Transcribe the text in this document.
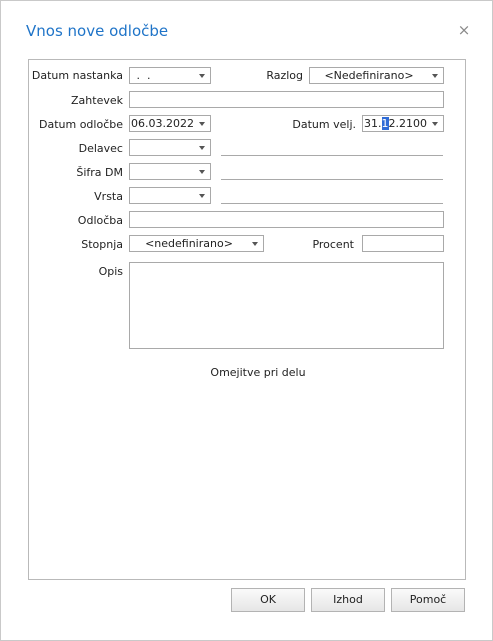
Vnos nove odločbe	×
Datum nastanka .  .	Razlog	<Nedefinirano>
Zahtevek
Datum odločbe 06.03.2022	Datum velj. 31.12.2100
Delavec
Šifra DM
Vrsta
Odločba
Stopnja	<nedefinirano>	Procent
Opis
Omejitve pri delu
OK	Izhod	Pomoč
